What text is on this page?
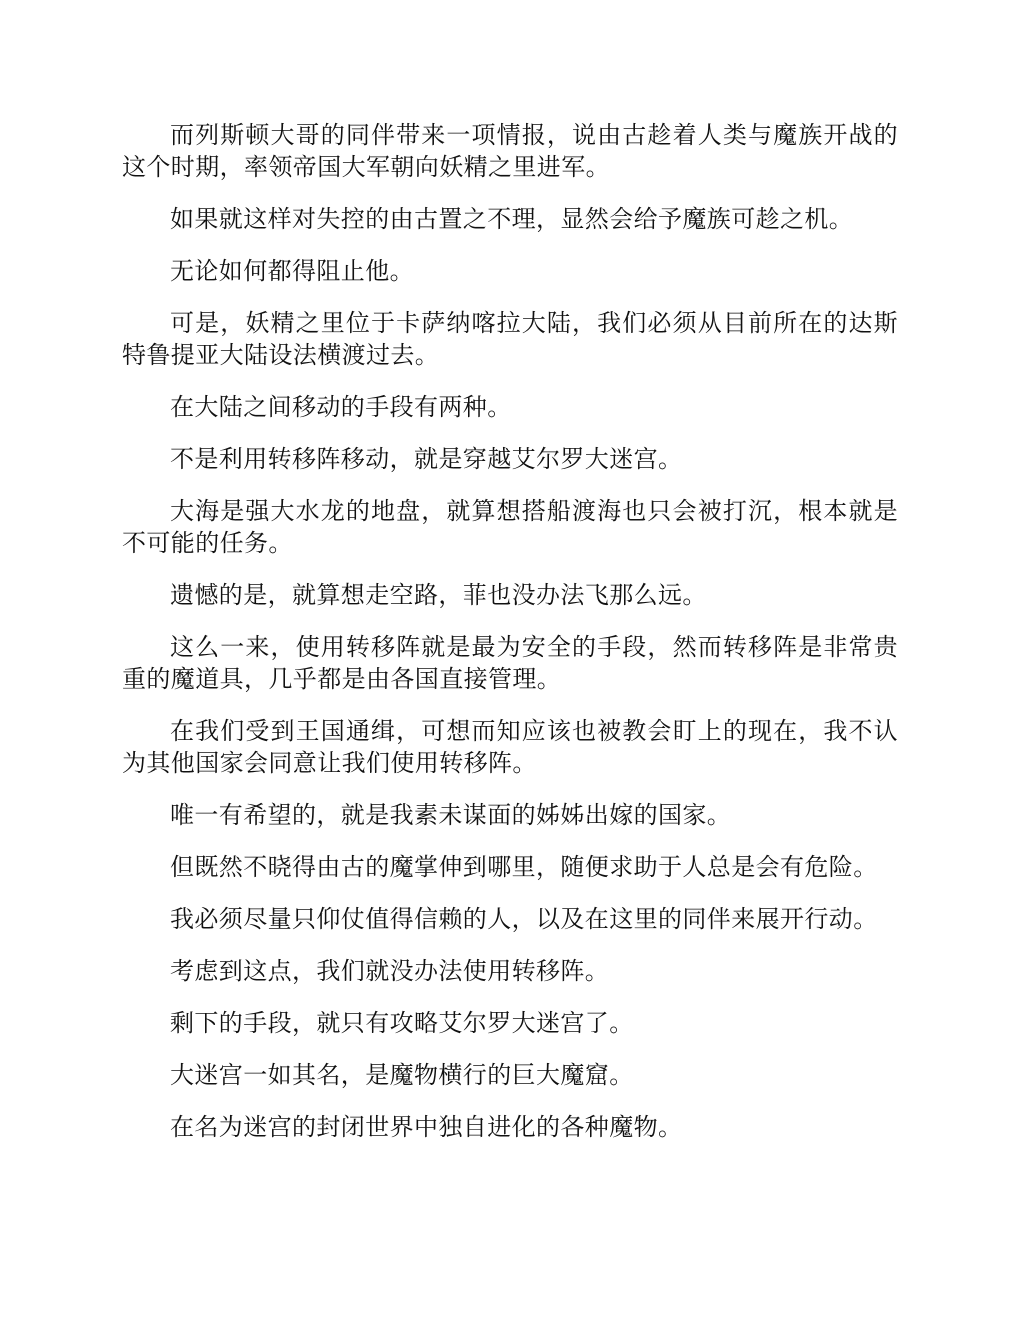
而列斯顿大哥的同伴带来一项情报，说由古趁着人类与魔族开战的这个时期，率领帝国大军朝向妖精之里进军。

如果就这样对失控的由古置之不理，显然会给予魔族可趁之机。

无论如何都得阻止他。

可是，妖精之里位于卡萨纳喀拉大陆，我们必须从目前所在的达斯特鲁提亚大陆设法横渡过去。

在大陆之间移动的手段有两种。

不是利用转移阵移动，就是穿越艾尔罗大迷宫。

大海是强大水龙的地盘，就算想搭船渡海也只会被打沉，根本就是不可能的任务。

遗憾的是，就算想走空路，菲也没办法飞那么远。

这么一来，使用转移阵就是最为安全的手段，然而转移阵是非常贵重的魔道具，几乎都是由各国直接管理。

在我们受到王国通缉，可想而知应该也被教会盯上的现在，我不认为其他国家会同意让我们使用转移阵。

唯一有希望的，就是我素未谋面的姊姊出嫁的国家。

但既然不晓得由古的魔掌伸到哪里，随便求助于人总是会有危险。

我必须尽量只仰仗值得信赖的人，以及在这里的同伴来展开行动。

考虑到这点，我们就没办法使用转移阵。

剩下的手段，就只有攻略艾尔罗大迷宫了。

大迷宫一如其名，是魔物横行的巨大魔窟。

在名为迷宫的封闭世界中独自进化的各种魔物。
